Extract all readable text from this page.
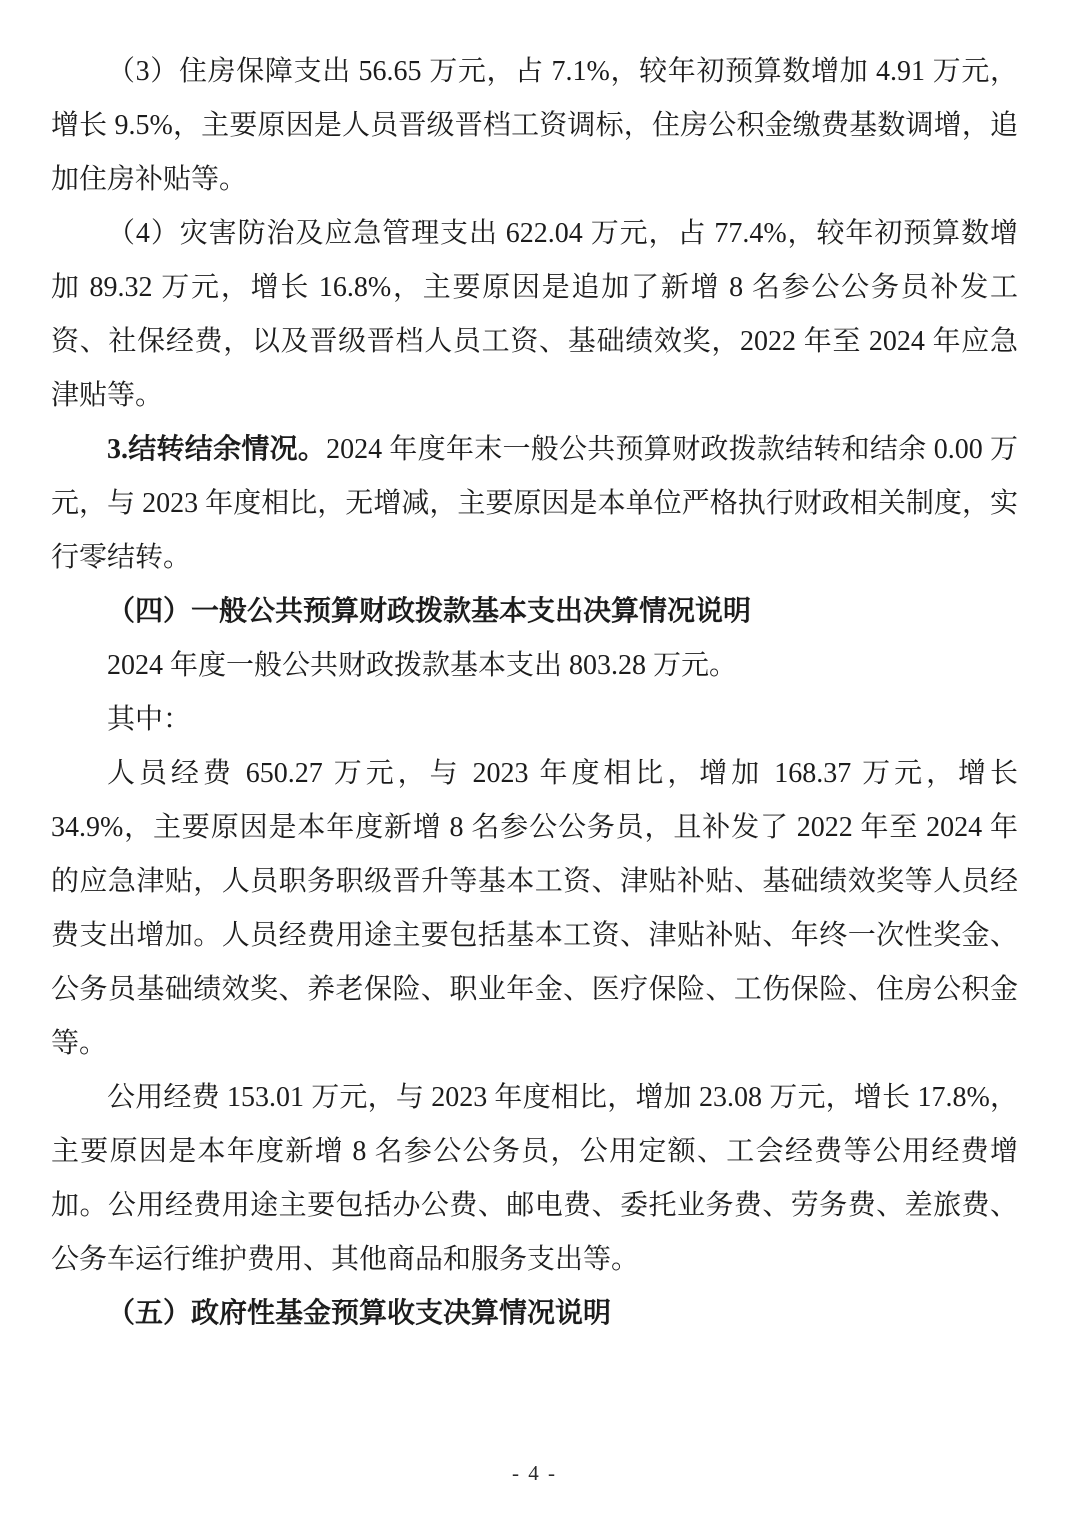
（3）住房保障支出 56.65 万元，占 7.1%，较年初预算数增加 4.91 万元，增长 9.5%，主要原因是人员晋级晋档工资调标，住房公积金缴费基数调增，追加住房补贴等。

（4）灾害防治及应急管理支出 622.04 万元，占 77.4%，较年初预算数增加 89.32 万元，增长 16.8%，主要原因是追加了新增 8 名参公公务员补发工资、社保经费，以及晋级晋档人员工资、基础绩效奖，2022 年至 2024 年应急津贴等。

3.结转结余情况。2024 年度年末一般公共预算财政拨款结转和结余 0.00 万元，与 2023 年度相比，无增减，主要原因是本单位严格执行财政相关制度，实行零结转。

（四）一般公共预算财政拨款基本支出决算情况说明

2024 年度一般公共财政拨款基本支出 803.28 万元。

其中：

人员经费 650.27 万元，与 2023 年度相比，增加 168.37 万元，增长 34.9%，主要原因是本年度新增 8 名参公公务员，且补发了 2022 年至 2024 年的应急津贴，人员职务职级晋升等基本工资、津贴补贴、基础绩效奖等人员经费支出增加。人员经费用途主要包括基本工资、津贴补贴、年终一次性奖金、公务员基础绩效奖、养老保险、职业年金、医疗保险、工伤保险、住房公积金等。

公用经费 153.01 万元，与 2023 年度相比，增加 23.08 万元，增长 17.8%，主要原因是本年度新增 8 名参公公务员，公用定额、工会经费等公用经费增加。公用经费用途主要包括办公费、邮电费、委托业务费、劳务费、差旅费、公务车运行维护费用、其他商品和服务支出等。

（五）政府性基金预算收支决算情况说明

- 4 -
